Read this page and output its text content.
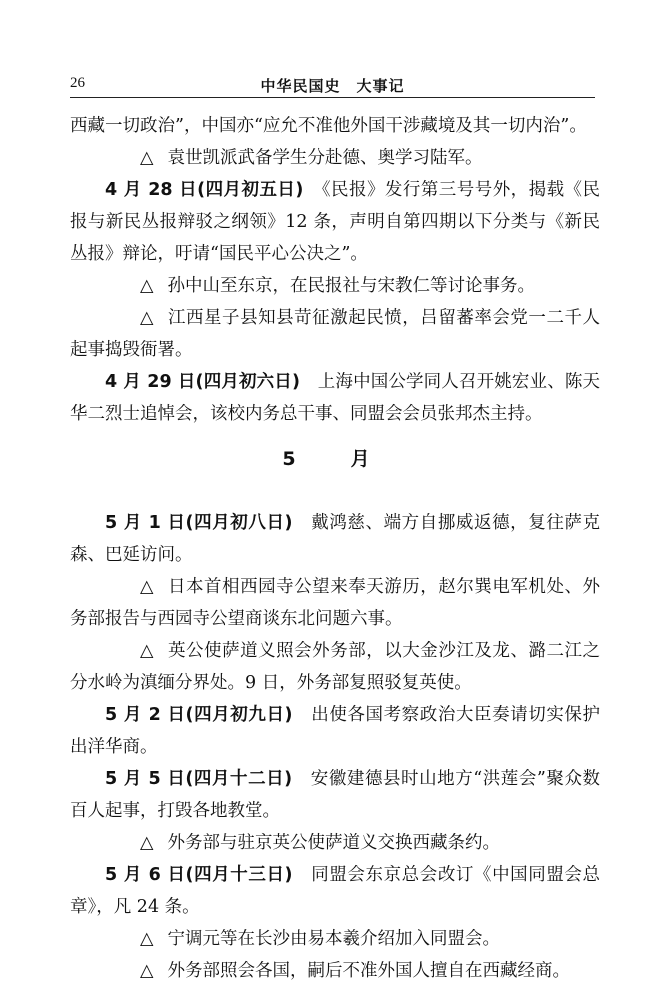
26	中华民国史　大事记

西藏一切政治”，中国亦“应允不准他外国干涉藏境及其一切内治”。

△ 袁世凯派武备学生分赴德、奥学习陆军。

4 月 28 日(四月初五日)　 《民报》发行第三号号外，揭载《民报与新民丛报辩驳之纲领》12 条，声明自第四期以下分类与《新民丛报》辩论，吁请“国民平心公决之”。

△ 孙中山至东京，在民报社与宋教仁等讨论事务。

△ 江西星子县知县苛征激起民愤，吕留蕃率会党一二千人起事捣毁衙署。

4 月 29 日(四月初六日)　 上海中国公学同人召开姚宏业、陈天华二烈士追悼会，该校内务总干事、同盟会会员张邦杰主持。

5　月

5 月 1 日(四月初八日)　 戴鸿慈、端方自挪威返德，复往萨克森、巴延访问。

△ 日本首相西园寺公望来奉天游历，赵尔巽电军机处、外务部报告与西园寺公望商谈东北问题六事。

△ 英公使萨道义照会外务部，以大金沙江及龙、潞二江之分水岭为滇缅分界处。9 日，外务部复照驳复英使。

5 月 2 日(四月初九日)　 出使各国考察政治大臣奏请切实保护出洋华商。

5 月 5 日(四月十二日)　 安徽建德县时山地方“洪莲会”聚众数百人起事，打毁各地教堂。

△ 外务部与驻京英公使萨道义交换西藏条约。

5 月 6 日(四月十三日)　 同盟会东京总会改订《中国同盟会总章》，凡 24 条。

△ 宁调元等在长沙由易本羲介绍加入同盟会。

△ 外务部照会各国，嗣后不准外国人擅自在西藏经商。
